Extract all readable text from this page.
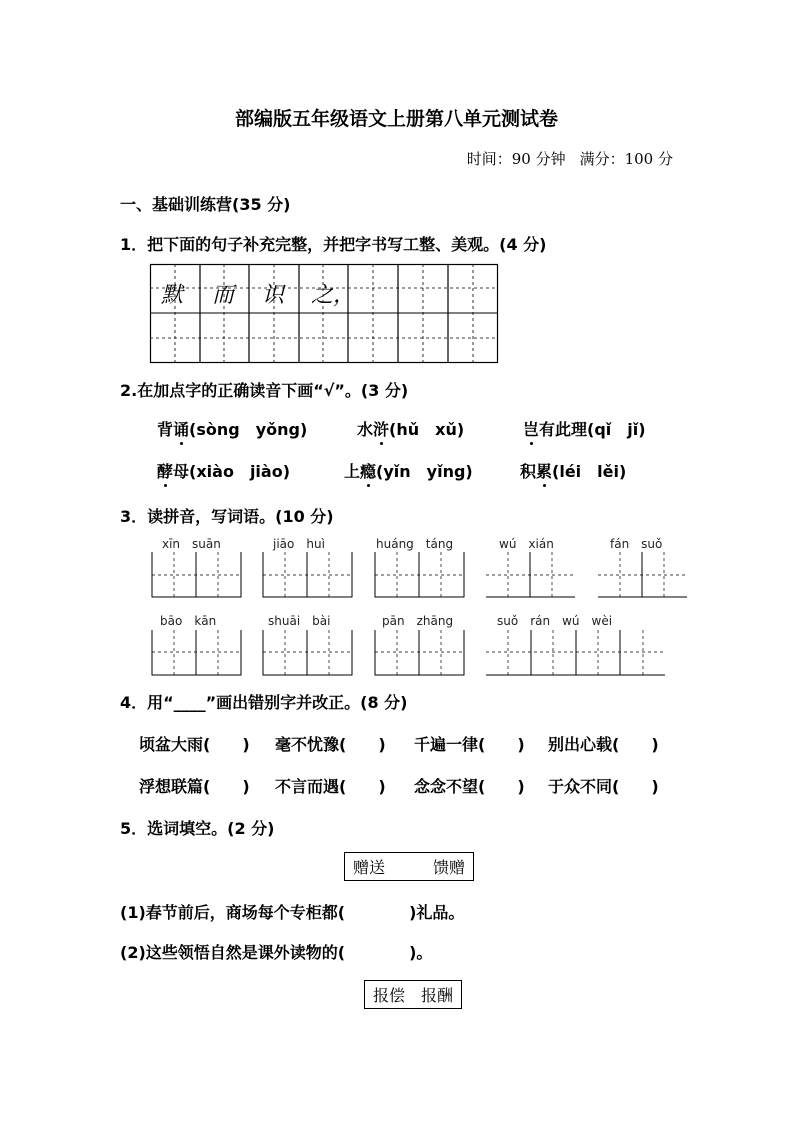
部编版五年级语文上册第八单元测试卷
时间：90 分钟 满分：100 分
一、基础训练营(35 分)
1．把下面的句子补充完整，并把字书写工整、美观。(4 分)
默 而 识 之，
2.在加点字的正确读音下画“√”。(3 分)
背诵(sòng　yǒng)	水浒(hǔ　xǔ)	岂有此理(qǐ　jǐ)
酵母(xiào　jiào)	上瘾(yǐn　yǐng)	积累(léi　lěi)
3．读拼音，写词语。(10 分)
xīn　suān	jiāo　huì	huáng　táng	wú　xián	fán　suǒ
bāo　kān	shuāi　bài	pān　zhāng	suǒ　rán　wú　wèi
4．用“____”画出错别字并改正。(8 分)
顷盆大雨(　　) 毫不忧豫(　　) 千遍一律(　　) 别出心载(　　)
浮想联篇(　　) 不言而遇(　　) 念念不望(　　) 于众不同(　　)
5．选词填空。(2 分)
赠送　　　馈赠
(1)春节前后，商场每个专柜都(　　　　)礼品。
(2)这些领悟自然是课外读物的(　　　　)。
报偿　报酬
